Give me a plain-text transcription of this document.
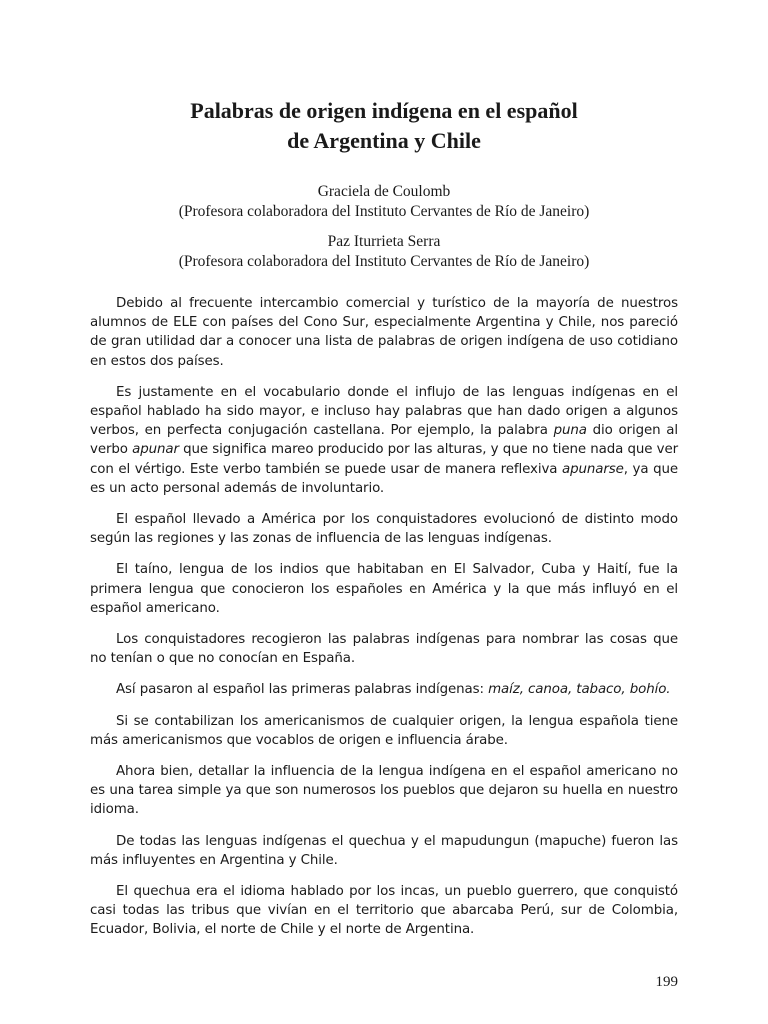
Palabras de origen indígena en el español
de Argentina y Chile
Graciela de Coulomb
(Profesora colaboradora del Instituto Cervantes de Río de Janeiro)
Paz Iturrieta Serra
(Profesora colaboradora del Instituto Cervantes de Río de Janeiro)

Debido al frecuente intercambio comercial y turístico de la mayoría de nuestros alumnos de ELE con países del Cono Sur, especialmente Argentina y Chile, nos pareció de gran utilidad dar a conocer una lista de palabras de origen indígena de uso cotidiano en estos dos países.

Es justamente en el vocabulario donde el influjo de las lenguas indígenas en el español hablado ha sido mayor, e incluso hay palabras que han dado origen a algunos verbos, en perfecta conjugación castellana. Por ejemplo, la palabra puna dio origen al verbo apunar que significa mareo producido por las alturas, y que no tiene nada que ver con el vértigo. Este verbo también se puede usar de manera reflexiva apunarse, ya que es un acto personal además de involuntario.

El español llevado a América por los conquistadores evolucionó de distinto modo según las regiones y las zonas de influencia de las lenguas indígenas.

El taíno, lengua de los indios que habitaban en El Salvador, Cuba y Haití, fue la primera lengua que conocieron los españoles en América y la que más influyó en el español americano.

Los conquistadores recogieron las palabras indígenas para nombrar las cosas que no tenían o que no conocían en España.

Así pasaron al español las primeras palabras indígenas: maíz, canoa, tabaco, bohío.

Si se contabilizan los americanismos de cualquier origen, la lengua española tiene más americanismos que vocablos de origen e influencia árabe.

Ahora bien, detallar la influencia de la lengua indígena en el español americano no es una tarea simple ya que son numerosos los pueblos que dejaron su huella en nuestro idioma.

De todas las lenguas indígenas el quechua y el mapudungun (mapuche) fueron las más influyentes en Argentina y Chile.

El quechua era el idioma hablado por los incas, un pueblo guerrero, que conquistó casi todas las tribus que vivían en el territorio que abarcaba Perú, sur de Colombia, Ecuador, Bolivia, el norte de Chile y el norte de Argentina.

199
